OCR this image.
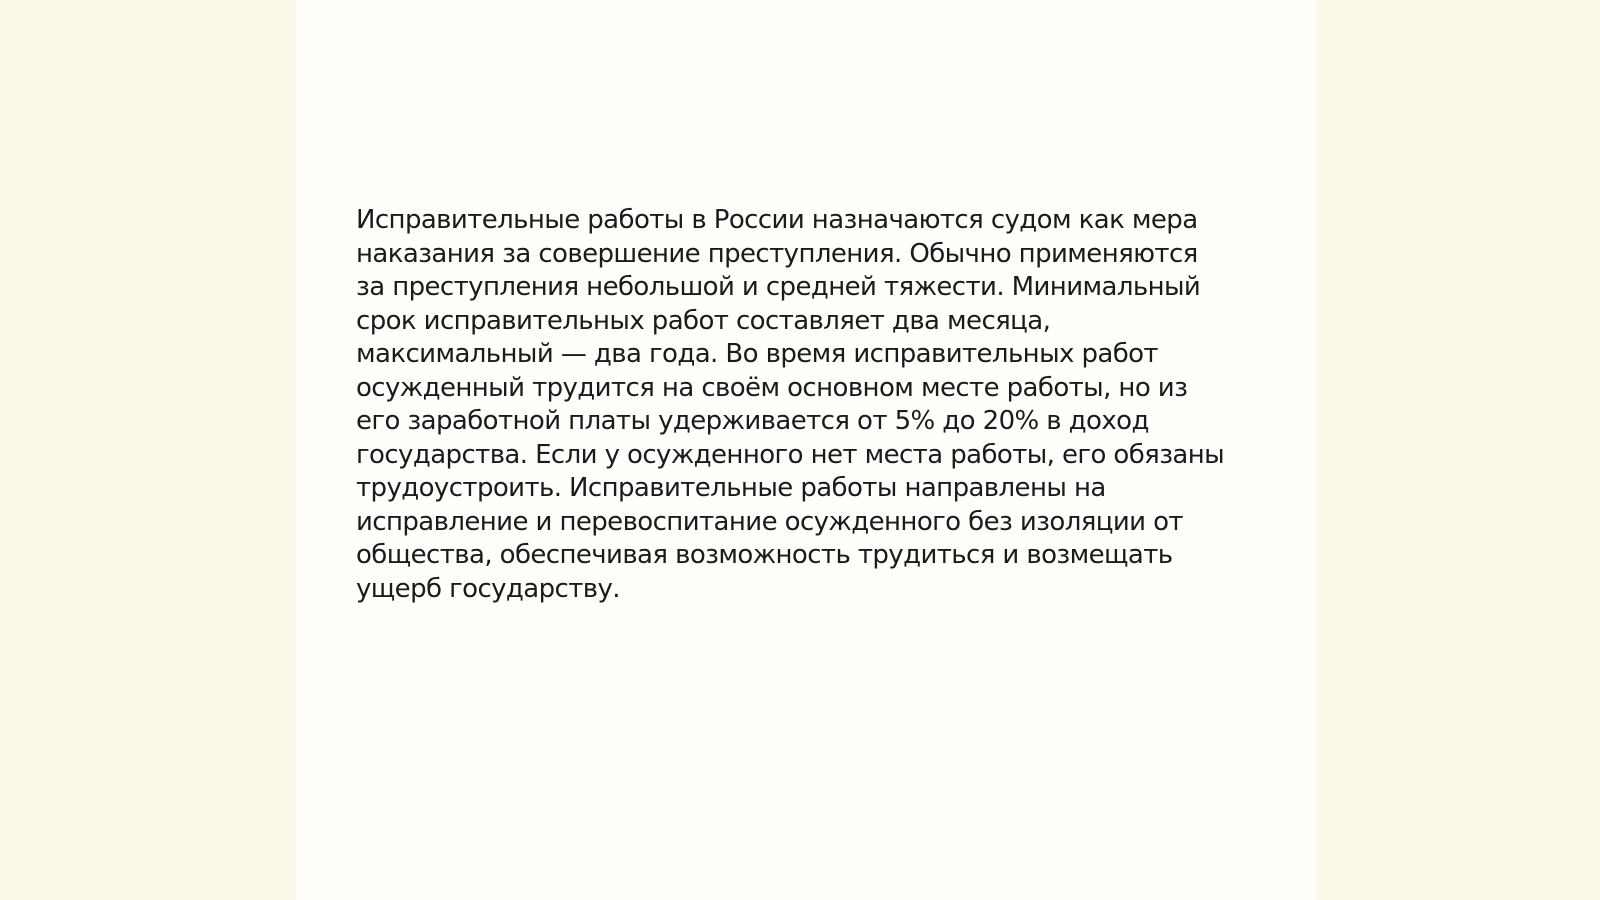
Исправительные работы в России назначаются судом как мера
наказания за совершение преступления. Обычно применяются
за преступления небольшой и средней тяжести. Минимальный
срок исправительных работ составляет два месяца,
максимальный — два года. Во время исправительных работ
осужденный трудится на своём основном месте работы, но из
его заработной платы удерживается от 5% до 20% в доход
государства. Если у осужденного нет места работы, его обязаны
трудоустроить. Исправительные работы направлены на
исправление и перевоспитание осужденного без изоляции от
общества, обеспечивая возможность трудиться и возмещать
ущерб государству.
